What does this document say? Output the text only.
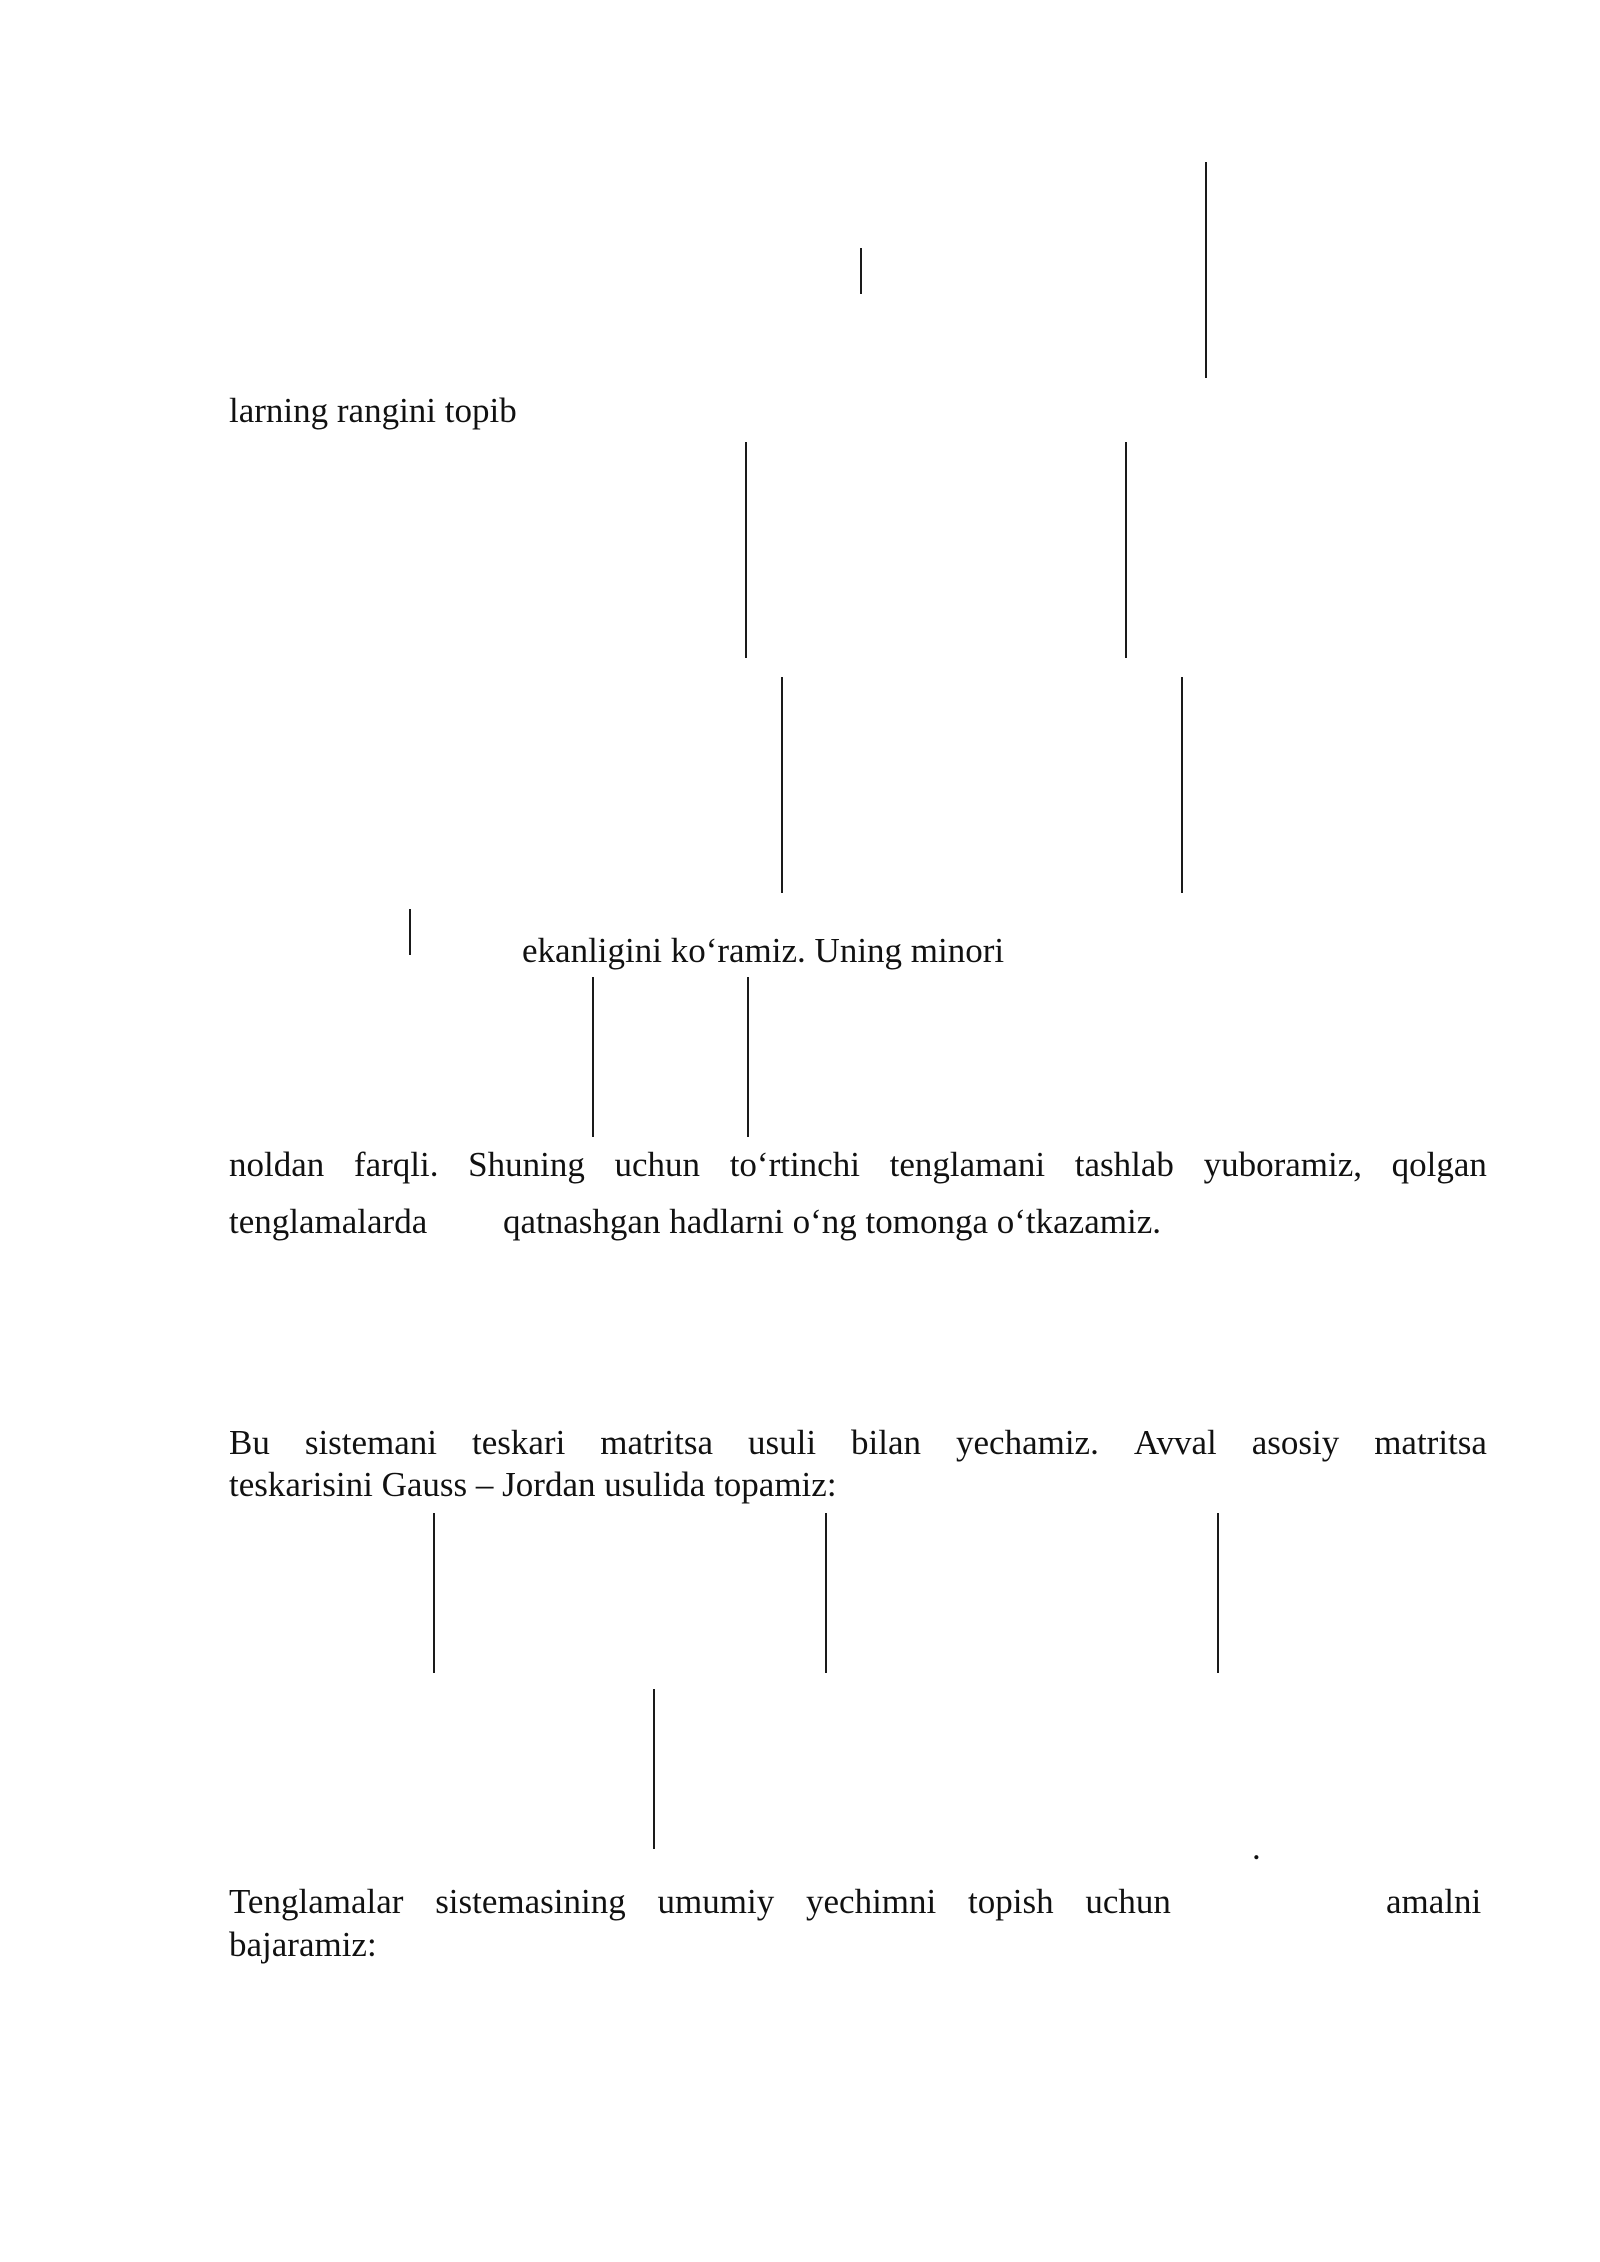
larning rangini topib
ekanligini ko‘ramiz. Uning minori
noldan farqli. Shuning uchun to‘rtinchi tenglamani tashlab yuboramiz, qolgan
tenglamalarda qatnashgan hadlarni o‘ng tomonga o‘tkazamiz.
Bu sistemani teskari matritsa usuli bilan yechamiz. Avval asosiy matritsa
teskarisini Gauss – Jordan usulida topamiz:
.
Tenglamalar sistemasining umumiy yechimni topish uchun	amalni
bajaramiz:
